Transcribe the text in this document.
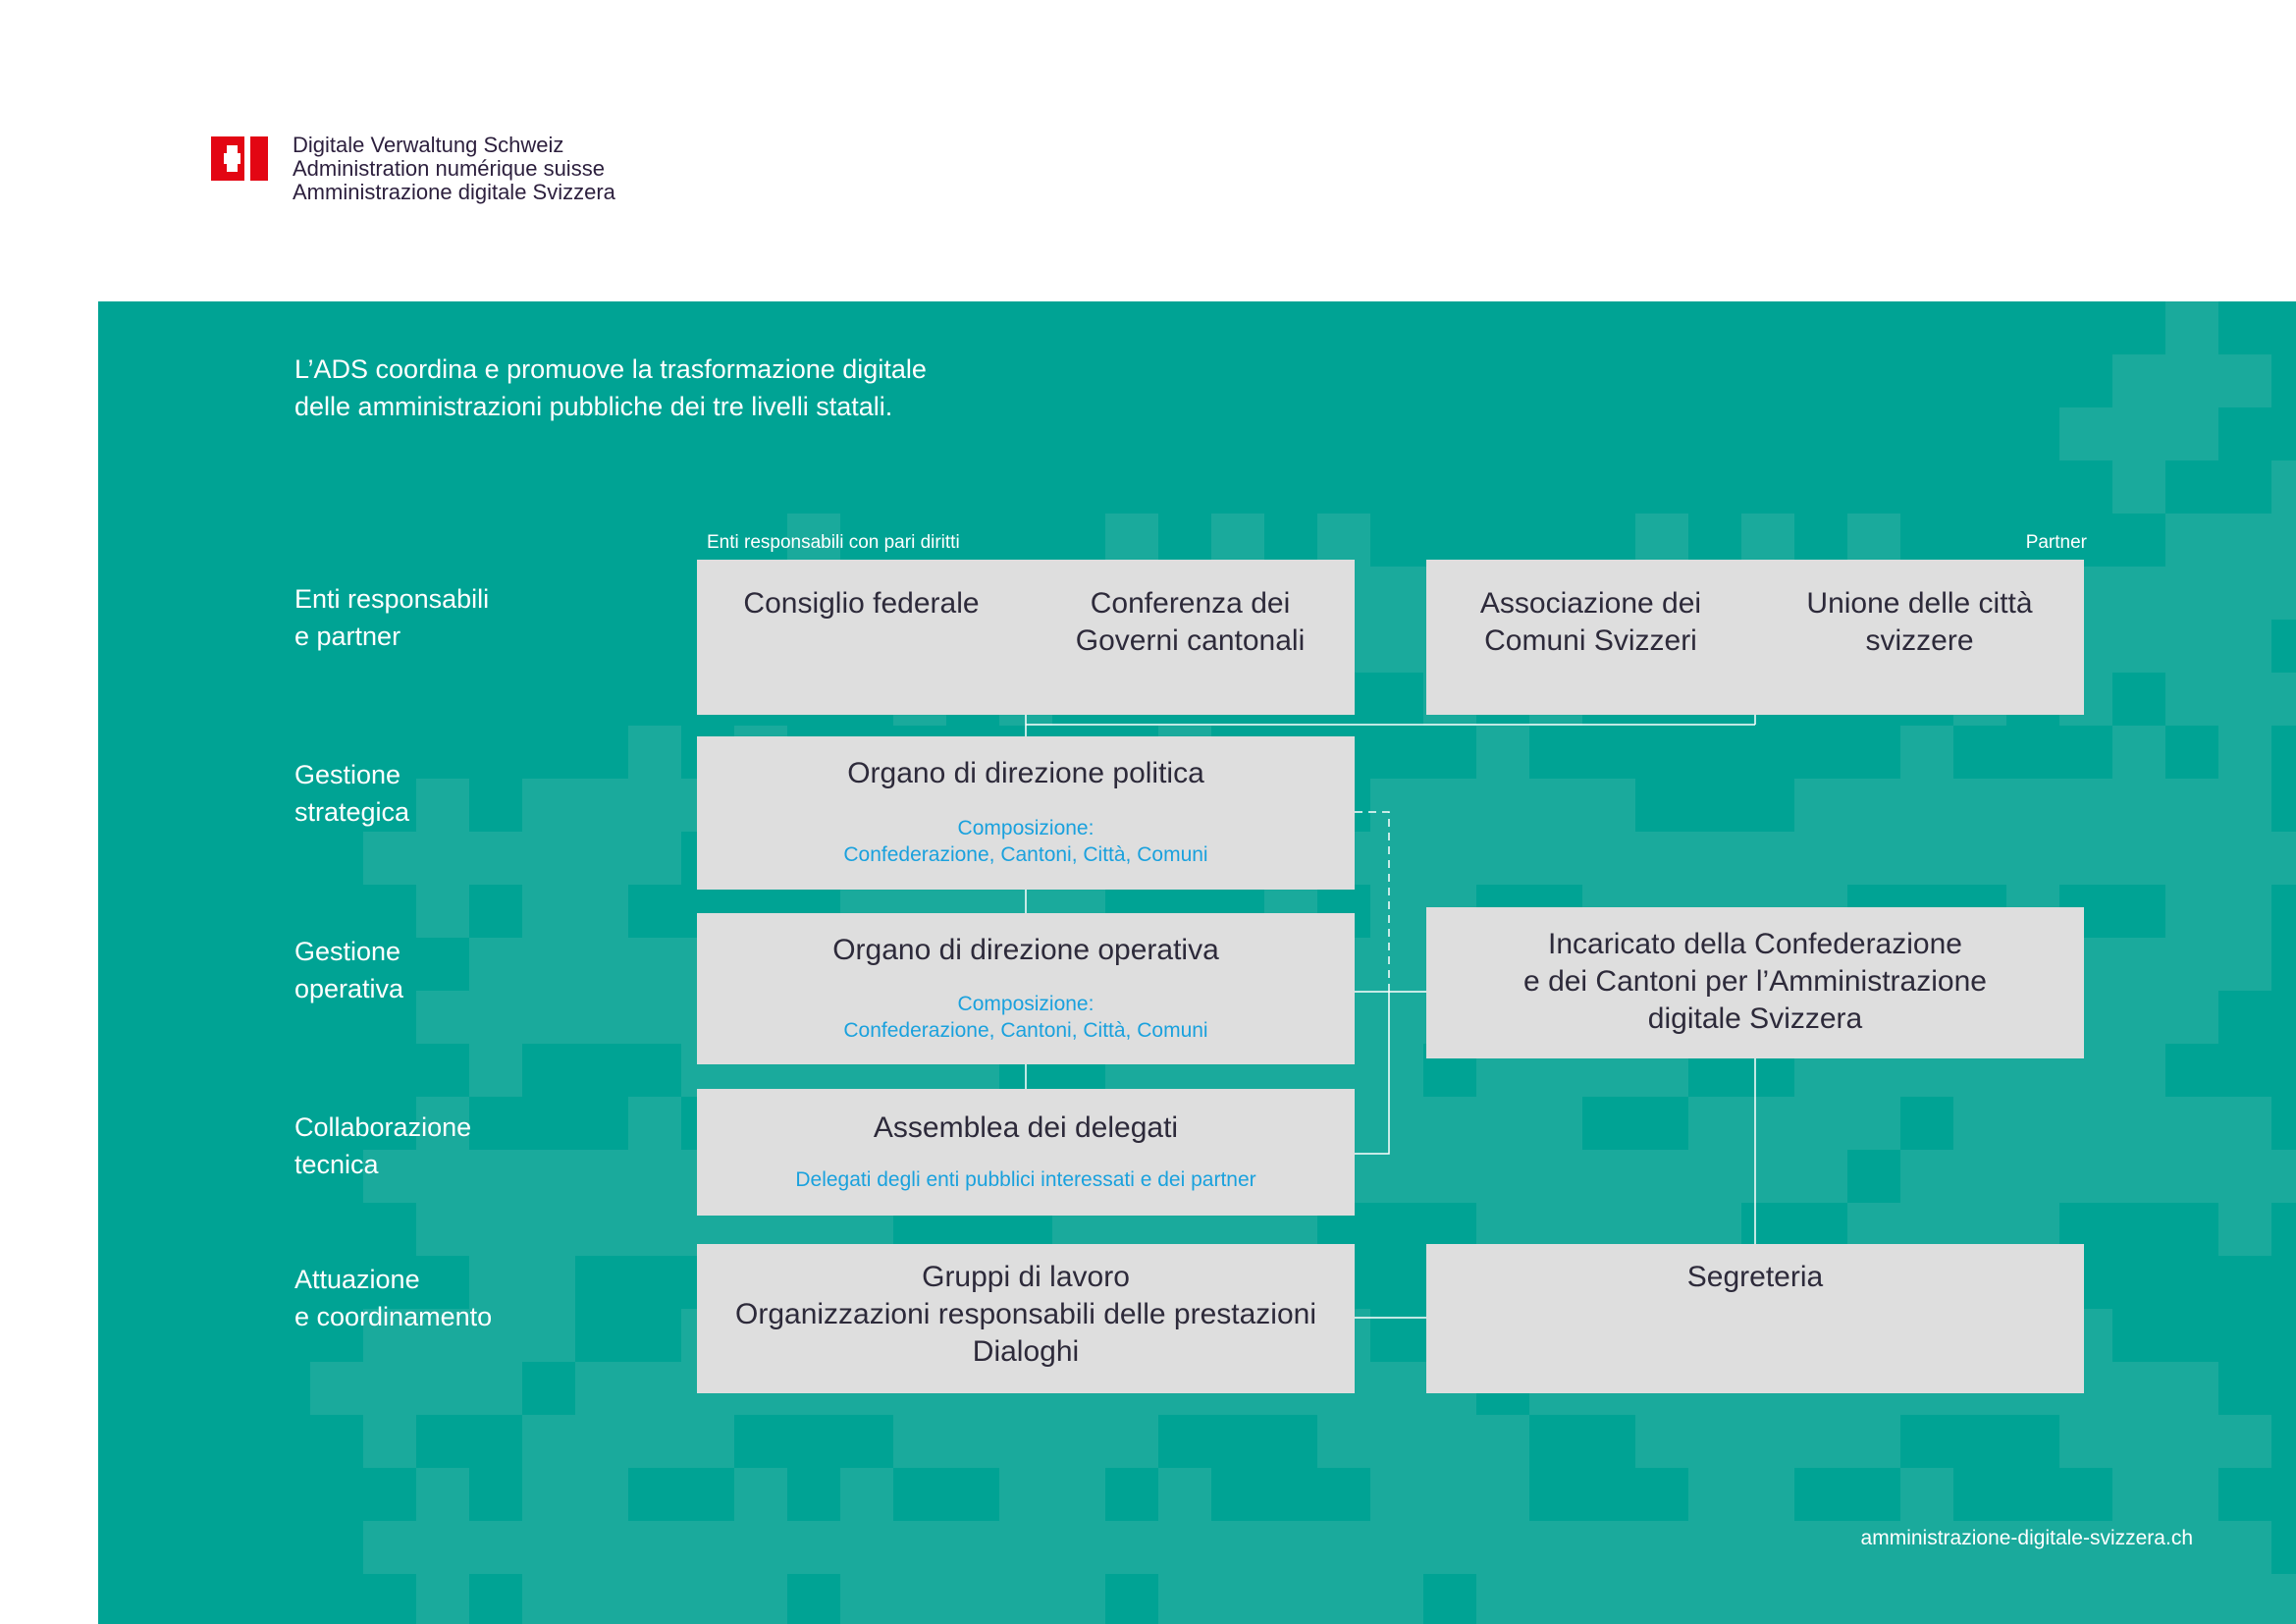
Digitale Verwaltung Schweiz
Administration numérique suisse
Amministrazione digitale Svizzera
L’ADS coordina e promuove la trasformazione digitale
delle amministrazioni pubbliche dei tre livelli statali.
Enti responsabili
e partner
Gestione
strategica
Gestione
operativa
Collaborazione
tecnica
Attuazione
e coordinamento
Enti responsabili con pari diritti	Partner
Consiglio federale	Conferenza dei
Governi cantonali
Associazione dei
Comuni Svizzeri
Unione delle città
svizzere
Organo di direzione politica
Composizione:
Confederazione, Cantoni, Città, Comuni
Organo di direzione operativa
Composizione:
Confederazione, Cantoni, Città, Comuni
Incaricato della Confederazione
e dei Cantoni per l’Amministrazione
digitale Svizzera
Assemblea dei delegati
Delegati degli enti pubblici interessati e dei partner
Gruppi di lavoro
Organizzazioni responsabili delle prestazioni
Dialoghi
Segreteria
amministrazione-digitale-svizzera.ch
